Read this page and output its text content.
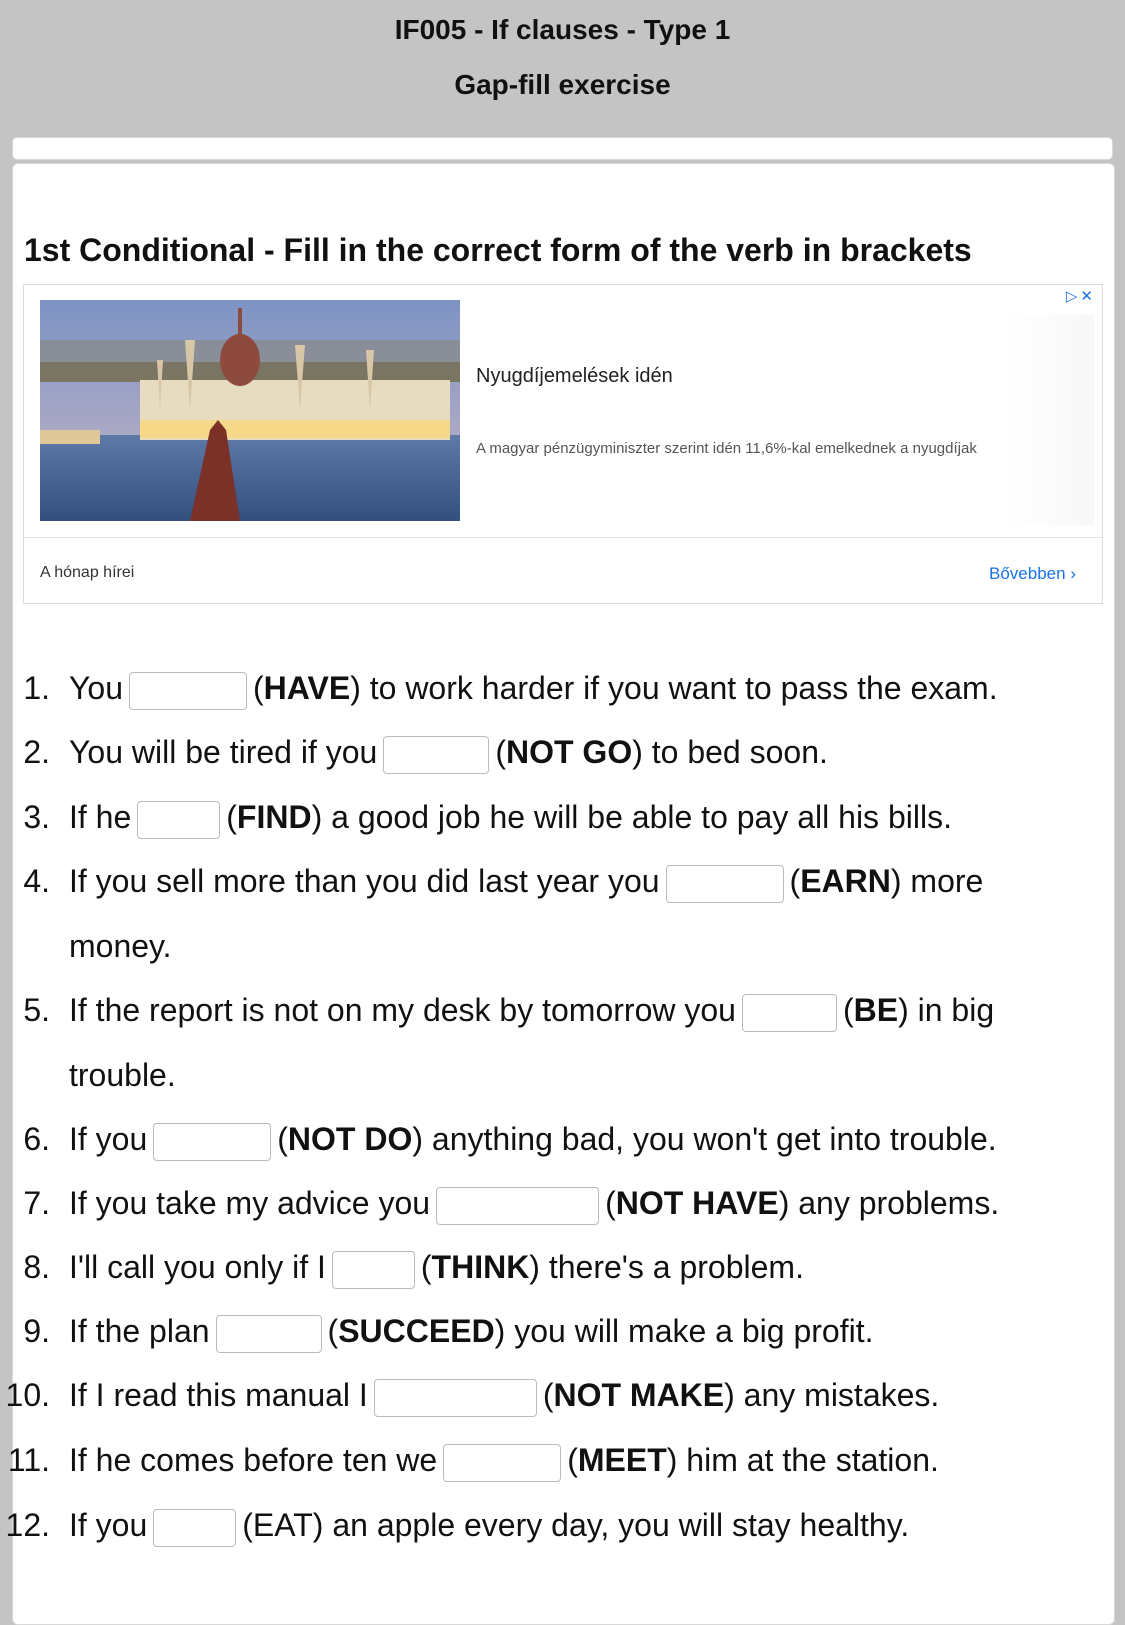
IF005 - If clauses - Type 1
Gap-fill exercise
1st Conditional - Fill in the correct form of the verb in brackets
Nyugdíjemelések idén
A magyar pénzügyminiszter szerint idén 11,6%-kal emelkednek a nyugdíjak
▷✕
A hónap hírei	Bővebben ›
1. You	(HAVE) to work harder if you want to pass the exam.
2. You will be tired if you	(NOT GO) to bed soon.
3. If he	(FIND) a good job he will be able to pay all his bills.
4. If you sell more than you did last year you	(EARN) more
money.
5. If the report is not on my desk by tomorrow you	(BE) in big
trouble.
6. If you	(NOT DO) anything bad, you won't get into trouble.
7. If you take my advice you	(NOT HAVE) any problems.
8. I'll call you only if I	(THINK) there's a problem.
9. If the plan	(SUCCEED) you will make a big profit.
10. If I read this manual I	(NOT MAKE) any mistakes.
11. If he comes before ten we	(MEET) him at the station.
12. If you	(EAT) an apple every day, you will stay healthy.
